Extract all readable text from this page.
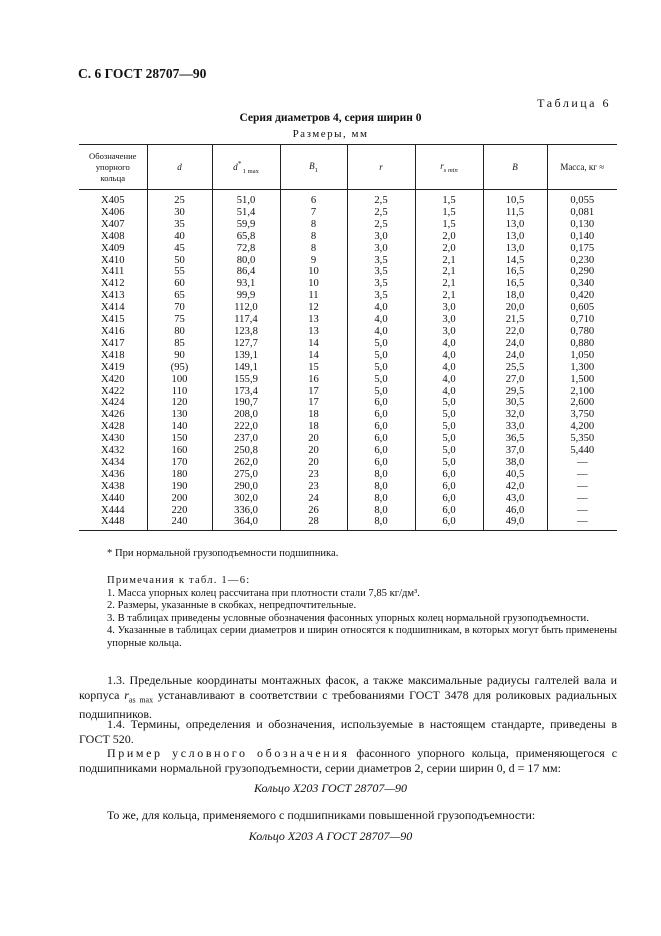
С. 6 ГОСТ 28707—90
Таблица 6
Серия диаметров 4, серия ширин 0
Размеры, мм
Обозначение
упорного
кольца	d	d* $_{1 max}$	$B_1$	r	$r_{s min}$	B	Масса, кг ≈
X405	25	51,0	6	2,5	1,5	10,5	0,055
X406	30	51,4	7	2,5	1,5	11,5	0,081
X407	35	59,9	8	2,5	1,5	13,0	0,130
X408	40	65,8	8	3,0	2,0	13,0	0,140
X409	45	72,8	8	3,0	2,0	13,0	0,175
X410	50	80,0	9	3,5	2,1	14,5	0,230
X411	55	86,4	10	3,5	2,1	16,5	0,290
X412	60	93,1	10	3,5	2,1	16,5	0,340
X413	65	99,9	11	3,5	2,1	18,0	0,420
X414	70	112,0	12	4,0	3,0	20,0	0,605
X415	75	117,4	13	4,0	3,0	21,5	0,710
X416	80	123,8	13	4,0	3,0	22,0	0,780
X417	85	127,7	14	5,0	4,0	24,0	0,880
X418	90	139,1	14	5,0	4,0	24,0	1,050
X419	(95)	149,1	15	5,0	4,0	25,5	1,300
X420	100	155,9	16	5,0	4,0	27,0	1,500
X422	110	173,4	17	5,0	4,0	29,5	2,100
X424	120	190,7	17	6,0	5,0	30,5	2,600
X426	130	208,0	18	6,0	5,0	32,0	3,750
X428	140	222,0	18	6,0	5,0	33,0	4,200
X430	150	237,0	20	6,0	5,0	36,5	5,350
X432	160	250,8	20	6,0	5,0	37,0	5,440
X434	170	262,0	20	6,0	5,0	38,0	—
X436	180	275,0	23	8,0	6,0	40,5	—
X438	190	290,0	23	8,0	6,0	42,0	—
X440	200	302,0	24	8,0	6,0	43,0	—
X444	220	336,0	26	8,0	6,0	46,0	—
X448	240	364,0	28	8,0	6,0	49,0	—
* При нормальной грузоподъемности подшипника.

Примечания к табл. 1—6:

1. Масса упорных колец рассчитана при плотности стали 7,85 кг/дм³.

2. Размеры, указанные в скобках, непредпочтительные.

3. В таблицах приведены условные обозначения фасонных упорных колец нормальной грузоподъемности.

4. Указанные в таблицах серии диаметров и ширин относятся к подшипникам, в которых могут быть применены упорные кольца.

1.3. Предельные координаты монтажных фасок, а также максимальные радиусы галтелей вала и корпуса $r_{as max}$ устанавливают в соответствии с требованиями ГОСТ 3478 для роликовых радиальных подшипников.

1.4. Термины, определения и обозначения, используемые в настоящем стандарте, приведены в ГОСТ 520.

Пример условного обозначения фасонного упорного кольца, применяющегося с подшипниками нормальной грузоподъемности, серии диаметров 2, серии ширин 0, d = 17 мм:

Кольцо X203 ГОСТ 28707—90

То же, для кольца, применяемого с подшипниками повышенной грузоподъемности:

Кольцо X203 А ГОСТ 28707—90
